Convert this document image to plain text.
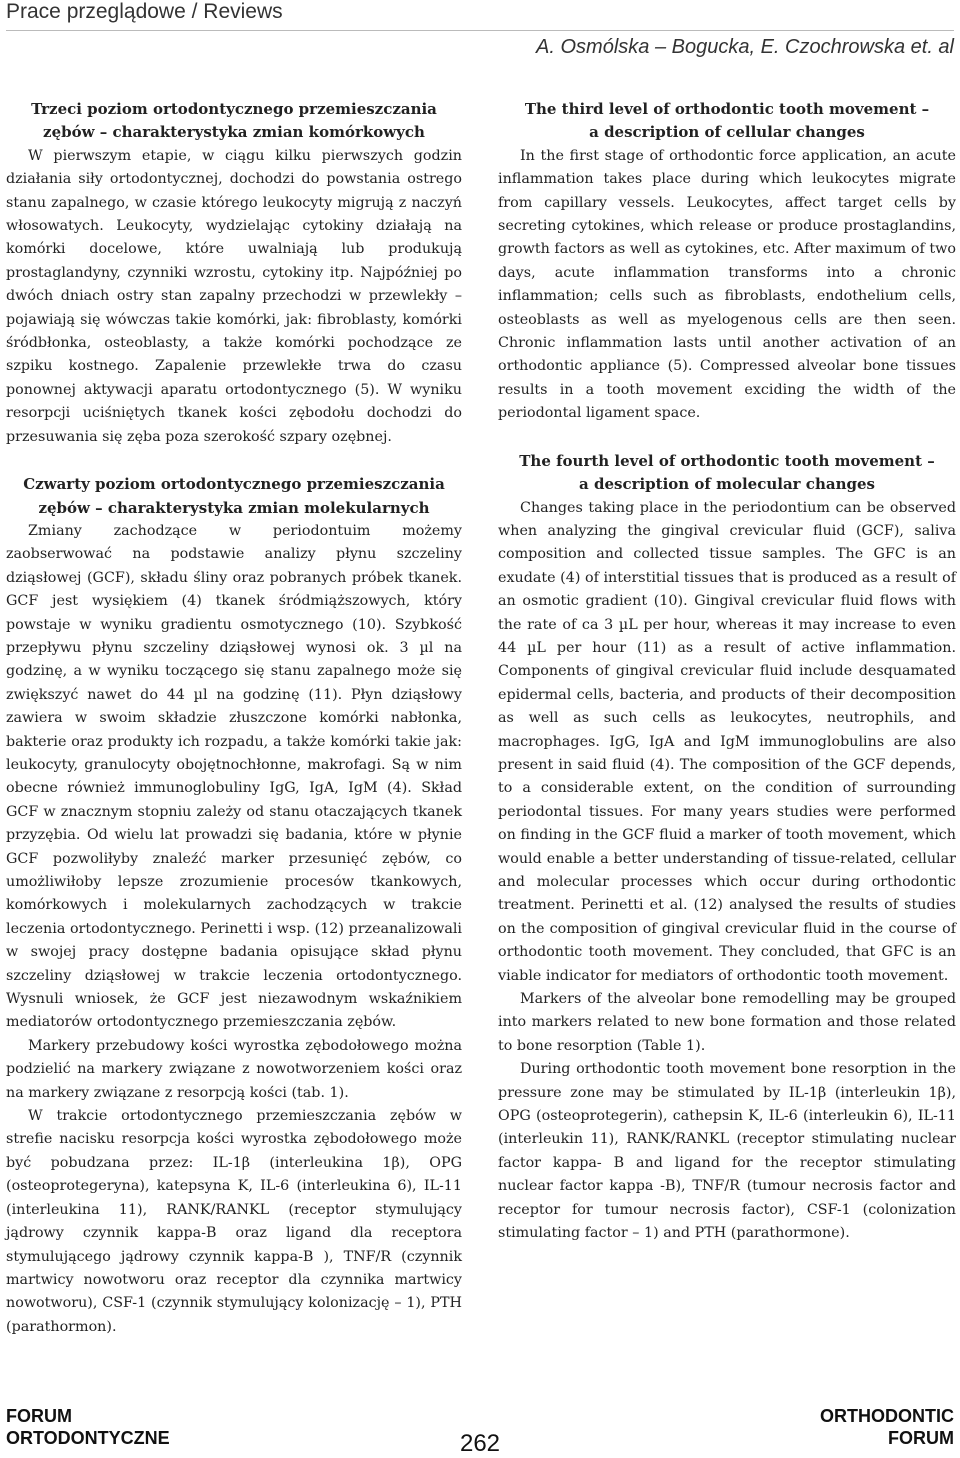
Prace przeglądowe / Reviews
A. Osmólska – Bogucka, E. Czochrowska et. al

Trzeci poziom ortodontycznego przemieszczania

zębów – charakterystyka zmian komórkowych

W pierwszym etapie, w ciągu kilku pierwszych godzin działania siły ortodontycznej, dochodzi do powstania ostrego stanu zapalnego, w czasie którego leukocyty migrują z naczyń włosowatych. Leukocyty, wydzielając cytokiny działają na komórki docelowe, które uwalniają lub produkują prostaglandyny, czynniki wzrostu, cytokiny itp. Najpóźniej po dwóch dniach ostry stan zapalny przechodzi w przewlekły – pojawiają się wówczas takie komórki, jak: fibroblasty, komórki śródbłonka, osteoblasty, a także komórki pochodzące ze szpiku kostnego. Zapalenie przewlekłe trwa do czasu ponownej aktywacji aparatu ortodontycznego (5). W wyniku resorpcji uciśniętych tkanek kości zębodołu dochodzi do przesuwania się zęba poza szerokość szpary ozębnej.

Czwarty poziom ortodontycznego przemieszczania

zębów – charakterystyka zmian molekularnych

Zmiany zachodzące w periodontuim możemy zaobserwować na podstawie analizy płynu szczeliny dziąsłowej (GCF), składu śliny oraz pobranych próbek tkanek. GCF jest wysiękiem (4) tkanek śródmiąższowych, który powstaje w wyniku gradientu osmotycznego (10). Szybkość przepływu płynu szczeliny dziąsłowej wynosi ok. 3 µl na godzinę, a w wyniku toczącego się stanu zapalnego może się zwiększyć nawet do 44 µl na godzinę (11). Płyn dziąsłowy zawiera w swoim składzie złuszczone komórki nabłonka, bakterie oraz produkty ich rozpadu, a także komórki takie jak: leukocyty, granulocyty obojętnochłonne, makrofagi. Są w nim obecne również immunoglobuliny IgG, IgA, IgM (4). Skład GCF w znacznym stopniu zależy od stanu otaczających tkanek przyzębia. Od wielu lat prowadzi się badania, które w płynie GCF pozwoliłyby znaleźć marker przesunięć zębów, co umożliwiłoby lepsze zrozumienie procesów tkankowych, komórkowych i molekularnych zachodzących w trakcie leczenia ortodontycznego. Perinetti i wsp. (12) przeanalizowali w swojej pracy dostępne badania opisujące skład płynu szczeliny dziąsłowej w trakcie leczenia ortodontycznego. Wysnuli wniosek, że GCF jest niezawodnym wskaźnikiem mediatorów ortodontycznego przemieszczania zębów.

Markery przebudowy kości wyrostka zębodołowego można podzielić na markery związane z nowotworzeniem kości oraz na markery związane z resorpcją kości (tab. 1).

W trakcie ortodontycznego przemieszczania zębów w strefie nacisku resorpcja kości wyrostka zębodołowego może być pobudzana przez: IL-1β (interleukina 1β), OPG (osteoprotegeryna), katepsyna K, IL-6 (interleukina 6), IL-11 (interleukina 11), RANK/RANKL (receptor stymulujący jądrowy czynnik kappa-B oraz ligand dla receptora stymulującego jądrowy czynnik kappa-B ), TNF/R (czynnik martwicy nowotworu oraz receptor dla czynnika martwicy nowotworu), CSF-1 (czynnik stymulujący kolonizację – 1), PTH (parathormon).

The third level of orthodontic tooth movement –

a description of cellular changes

In the first stage of orthodontic force application, an acute inflammation takes place during which leukocytes migrate from capillary vessels. Leukocytes, affect target cells by secreting cytokines, which release or produce prostaglandins, growth factors as well as cytokines, etc. After maximum of two days, acute inflammation transforms into a chronic inflammation; cells such as fibroblasts, endothelium cells, osteoblasts as well as myelogenous cells are then seen. Chronic inflammation lasts until another activation of an orthodontic appliance (5). Compressed alveolar bone tissues results in a tooth movement exciding the width of the periodontal ligament space.

The fourth level of orthodontic tooth movement –

a description of molecular changes

Changes taking place in the periodontium can be observed when analyzing the gingival crevicular fluid (GCF), saliva composition and collected tissue samples. The GFC is an exudate (4) of interstitial tissues that is produced as a result of an osmotic gradient (10). Gingival crevicular fluid flows with the rate of ca 3 µL per hour, whereas it may increase to even 44 µL per hour (11) as a result of active inflammation. Components of gingival crevicular fluid include desquamated epidermal cells, bacteria, and products of their decomposition as well as such cells as leukocytes, neutrophils, and macrophages. IgG, IgA and IgM immunoglobulins are also present in said fluid (4). The composition of the GCF depends, to a considerable extent, on the condition of surrounding periodontal tissues. For many years studies were performed on finding in the GCF fluid a marker of tooth movement, which would enable a better understanding of tissue-related, cellular and molecular processes which occur during orthodontic treatment. Perinetti et al. (12) analysed the results of studies on the composition of gingival crevicular fluid in the course of orthodontic tooth movement. They concluded, that GFC is an viable indicator for mediators of orthodontic tooth movement.

Markers of the alveolar bone remodelling may be grouped into markers related to new bone formation and those related to bone resorption (Table 1).

During orthodontic tooth movement bone resorption in the pressure zone may be stimulated by IL-1β (interleukin 1β), OPG (osteoprotegerin), cathepsin K, IL-6 (interleukin 6), IL-11 (interleukin 11), RANK/RANKL (receptor stimulating nuclear factor kappa- B and ligand for the receptor stimulating nuclear factor kappa -B), TNF/R (tumour necrosis factor and receptor for tumour necrosis factor), CSF-1 (colonization stimulating factor – 1) and PTH (parathormone).

FORUM
ORTODONTYCZNE	262
ORTHODONTIC
FORUM
